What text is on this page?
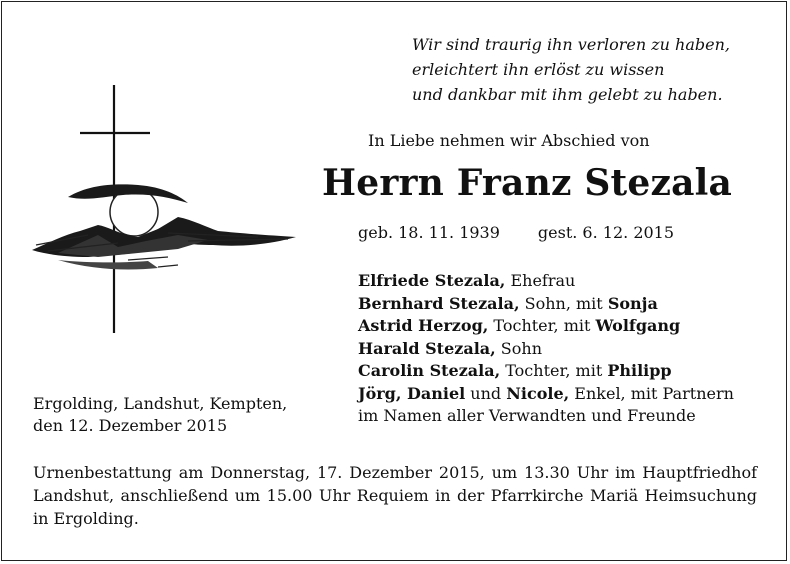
Wir sind traurig ihn verloren zu haben,
erleichtert ihn erlöst zu wissen
und dankbar mit ihm gelebt zu haben.
In Liebe nehmen wir Abschied von
Herrn Franz Stezala
geb. 18. 11. 1939 gest. 6. 12. 2015
Elfriede Stezala, Ehefrau
Bernhard Stezala, Sohn, mit Sonja
Astrid Herzog, Tochter, mit Wolfgang
Harald Stezala, Sohn
Carolin Stezala, Tochter, mit Philipp
Jörg, Daniel und Nicole, Enkel, mit Partnern
im Namen aller Verwandten und Freunde
Ergolding, Landshut, Kempten,
den 12. Dezember 2015
Urnenbestattung am Donnerstag, 17. Dezember 2015, um 13.30 Uhr im Hauptfriedhof Landshut, anschließend um 15.00 Uhr Requiem in der Pfarrkirche Mariä Heimsuchung in Ergolding.
